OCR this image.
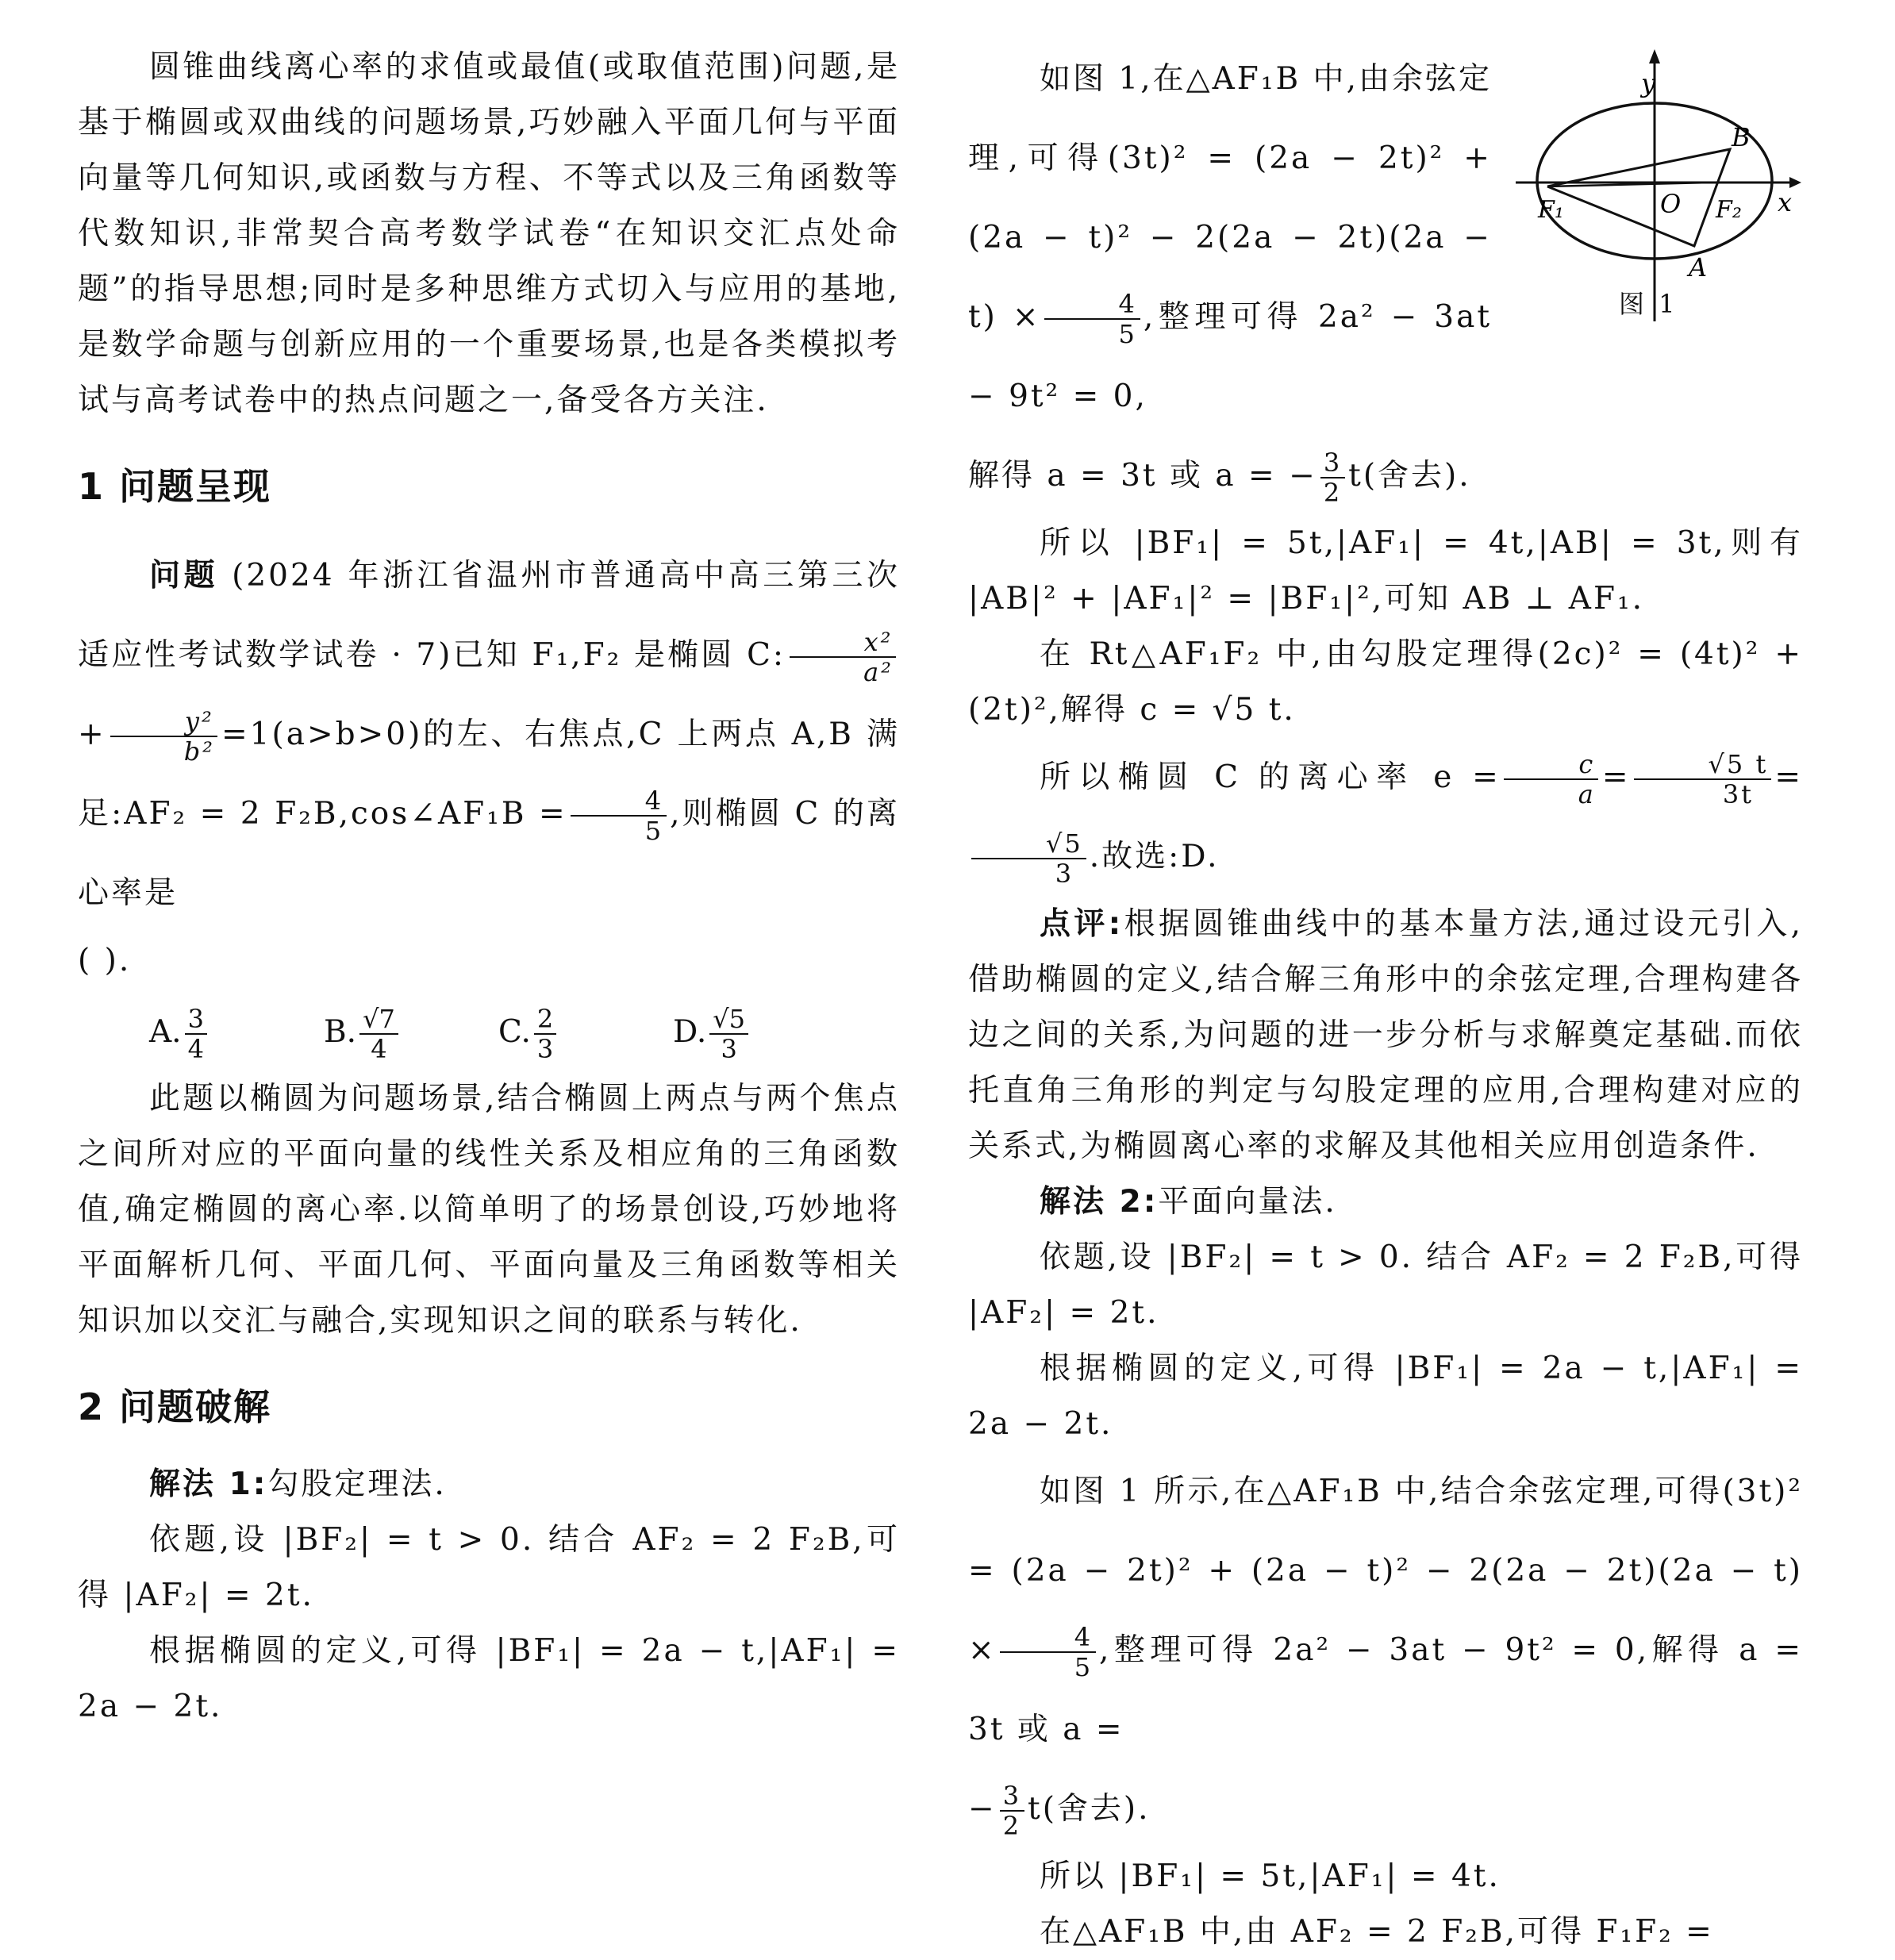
圆锥曲线离心率的求值或最值(或取值范围)问题,是基于椭圆或双曲线的问题场景,巧妙融入平面几何与平面向量等几何知识,或函数与方程、不等式以及三角函数等代数知识,非常契合高考数学试卷“在知识交汇点处命题”的指导思想;同时是多种思维方式切入与应用的基地,是数学命题与创新应用的一个重要场景,也是各类模拟考试与高考试卷中的热点问题之一,备受各方关注.

1 问题呈现

问题 (2024 年浙江省温州市普通高中高三第三次适应性考试数学试卷 · 7)已知 F₁,F₂ 是椭圆 C: $\frac{\text{x²}}{\text{a²}}$
+ $\frac{\text{y²}}{\text{b²}} =1(a>b>0)$的左、右焦点,C 上两点 A,B 满足:AF₂ = 2 F₂B,cos∠AF₁B = $\frac{4}{5}$ ,则椭圆 C 的离心率是

( ).

A. $\frac{3}{4}$	B. $\frac{√7}{4}$	C. $\frac{2}{3}$	D. $\frac{√5}{3}$

此题以椭圆为问题场景,结合椭圆上两点与两个焦点之间所对应的平面向量的线性关系及相应角的三角函数值,确定椭圆的离心率.以简单明了的场景创设,巧妙地将平面解析几何、平面几何、平面向量及三角函数等相关知识加以交汇与融合,实现知识之间的联系与转化.

2 问题破解

解法 1:勾股定理法.

依题,设 |BF₂| = t > 0. 结合 AF₂ = 2 F₂B,可得 |AF₂| = 2t.

根据椭圆的定义,可得 |BF₁| = 2a − t,|AF₁| = 2a − 2t.

y
x
O
F₁	F₂
B
A
图 1

如图 1,在△AF₁B 中,由余弦定理,可得$(3t)^2 = (2a - 2t)^2 + (2a - t)^2 - 2(2a - 2t)(2a - t) \times \frac{4}{5}$ ,整理可得 2a² − 3at − 9t² = 0,

解得 a = 3t 或 a = − $\frac{3}{2} t$(舍去).

所以 |BF₁| = 5t,|AF₁| = 4t,|AB| = 3t,则有 |AB|² + |AF₁|² = |BF₁|²,可知 AB ⊥ AF₁.

在 Rt△AF₁F₂ 中,由勾股定理得(2c)² = (4t)² + (2t)²,解得 c = √5 t.

所以椭圆 C 的离心率 $e = \frac{c}{a} = \frac{√5 t}{3t}$ =
$\frac{√5}{3}$ .故选:D.

点评:根据圆锥曲线中的基本量方法,通过设元引入,借助椭圆的定义,结合解三角形中的余弦定理,合理构建各边之间的关系,为问题的进一步分析与求解奠定基础.而依托直角三角形的判定与勾股定理的应用,合理构建对应的关系式,为椭圆离心率的求解及其他相关应用创造条件.

解法 2:平面向量法.

依题,设 |BF₂| = t > 0. 结合 AF₂ = 2 F₂B,可得 |AF₂| = 2t.

根据椭圆的定义,可得 |BF₁| = 2a − t,|AF₁| = 2a − 2t.

如图 1 所示,在△AF₁B 中,结合余弦定理,可得$(3t)^2 = (2a - 2t)^2 + (2a - t)^2 - 2(2a - 2t)(2a - t) \times \frac{4}{5}$ ,整理可得 2a² − 3at − 9t² = 0,解得 a = 3t 或 a =

− $\frac{3}{2} t$(舍去).

所以 |BF₁| = 5t,|AF₁| = 4t.

在△AF₁B 中,由 AF₂ = 2 F₂B,可得 F₁F₂ =
